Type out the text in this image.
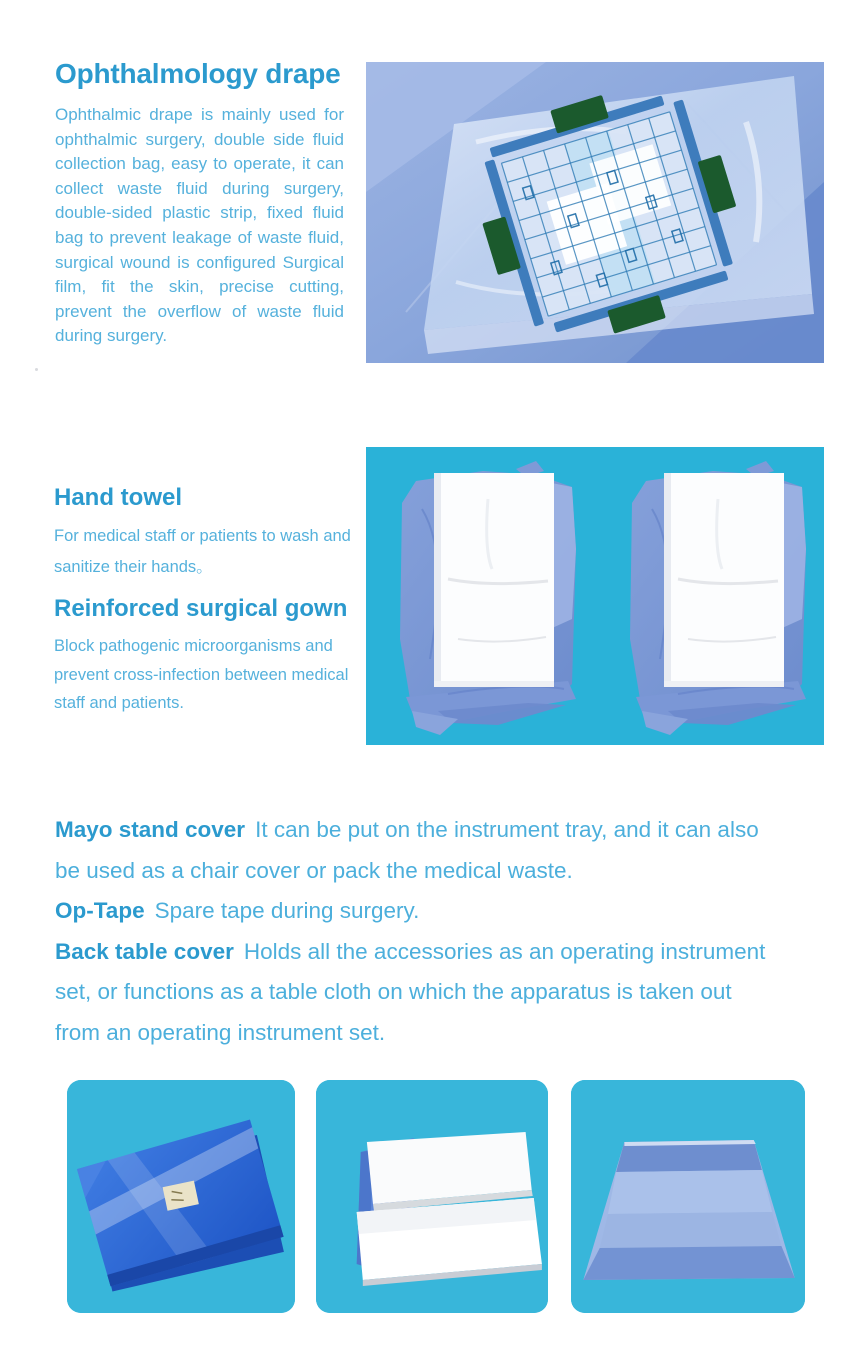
Ophthalmology drape

Ophthalmic drape is mainly used for ophthalmic surgery, double side fluid collection bag, easy to operate, it can collect waste fluid during surgery, double-sided plastic strip, fixed fluid bag to prevent leakage of waste fluid, surgical wound is configured Surgical film, fit the skin, precise cutting, prevent the overflow of waste fluid during surgery.

Hand towel

For medical staff or patients to wash and sanitize their hands。

Reinforced surgical gown

Block pathogenic microorganisms and prevent cross-infection between medical staff and patients.

Mayo stand cover It can be put on the instrument tray, and it can also be used as a chair cover or pack the medical waste.

Op-Tape Spare tape during surgery.

Back table cover Holds all the accessories as an operating instrument set, or functions as a table cloth on which the apparatus is taken out from an operating instrument set.
